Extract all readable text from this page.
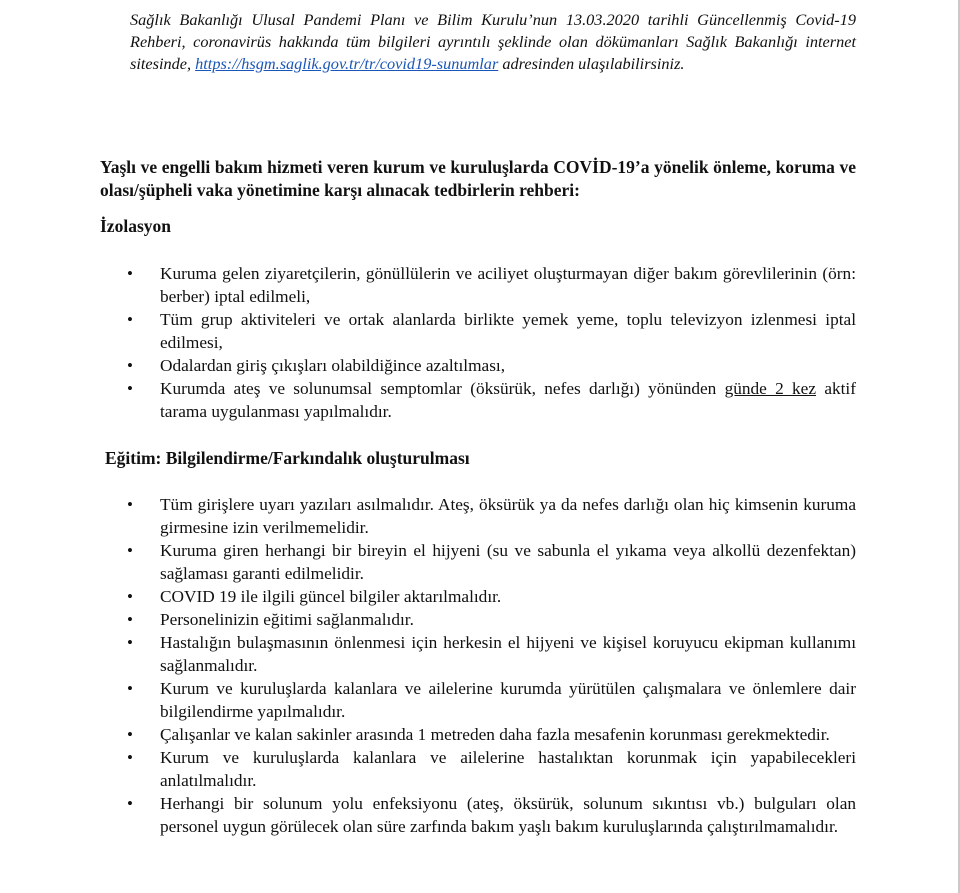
Sağlık Bakanlığı Ulusal Pandemi Planı ve Bilim Kurulu’nun 13.03.2020 tarihli Güncellenmiş Covid-19 Rehberi, coronavirüs hakkında tüm bilgileri ayrıntılı şeklinde olan dökümanları Sağlık Bakanlığı internet sitesinde, https://hsgm.saglik.gov.tr/tr/covid19-sunumlar adresinden ulaşılabilirsiniz.

Yaşlı ve engelli bakım hizmeti veren kurum ve kuruluşlarda COVİD-19’a yönelik önleme, koruma ve olası/şüpheli vaka yönetimine karşı alınacak tedbirlerin rehberi:

İzolasyon
• Kuruma gelen ziyaretçilerin, gönüllülerin ve aciliyet oluşturmayan diğer bakım görevlilerinin (örn: berber) iptal edilmeli,
• Tüm grup aktiviteleri ve ortak alanlarda birlikte yemek yeme, toplu televizyon izlenmesi iptal edilmesi,
• Odalardan giriş çıkışları olabildiğince azaltılması,
• Kurumda ateş ve solunumsal semptomlar (öksürük, nefes darlığı) yönünden günde 2 kez aktif tarama uygulanması yapılmalıdır.
Eğitim: Bilgilendirme/Farkındalık oluşturulması
• Tüm girişlere uyarı yazıları asılmalıdır. Ateş, öksürük ya da nefes darlığı olan hiç kimsenin kuruma girmesine izin verilmemelidir.
• Kuruma giren herhangi bir bireyin el hijyeni (su ve sabunla el yıkama veya alkollü dezenfektan) sağlaması garanti edilmelidir.
• COVID 19 ile ilgili güncel bilgiler aktarılmalıdır.
• Personelinizin eğitimi sağlanmalıdır.
• Hastalığın bulaşmasının önlenmesi için herkesin el hijyeni ve kişisel koruyucu ekipman kullanımı sağlanmalıdır.
• Kurum ve kuruluşlarda kalanlara ve ailelerine kurumda yürütülen çalışmalara ve önlemlere dair bilgilendirme yapılmalıdır.
• Çalışanlar ve kalan sakinler arasında 1 metreden daha fazla mesafenin korunması gerekmektedir.
• Kurum ve kuruluşlarda kalanlara ve ailelerine hastalıktan korunmak için yapabilecekleri anlatılmalıdır.
• Herhangi bir solunum yolu enfeksiyonu (ateş, öksürük, solunum sıkıntısı vb.) bulguları olan personel uygun görülecek olan süre zarfında bakım yaşlı bakım kuruluşlarında çalıştırılmamalıdır.
